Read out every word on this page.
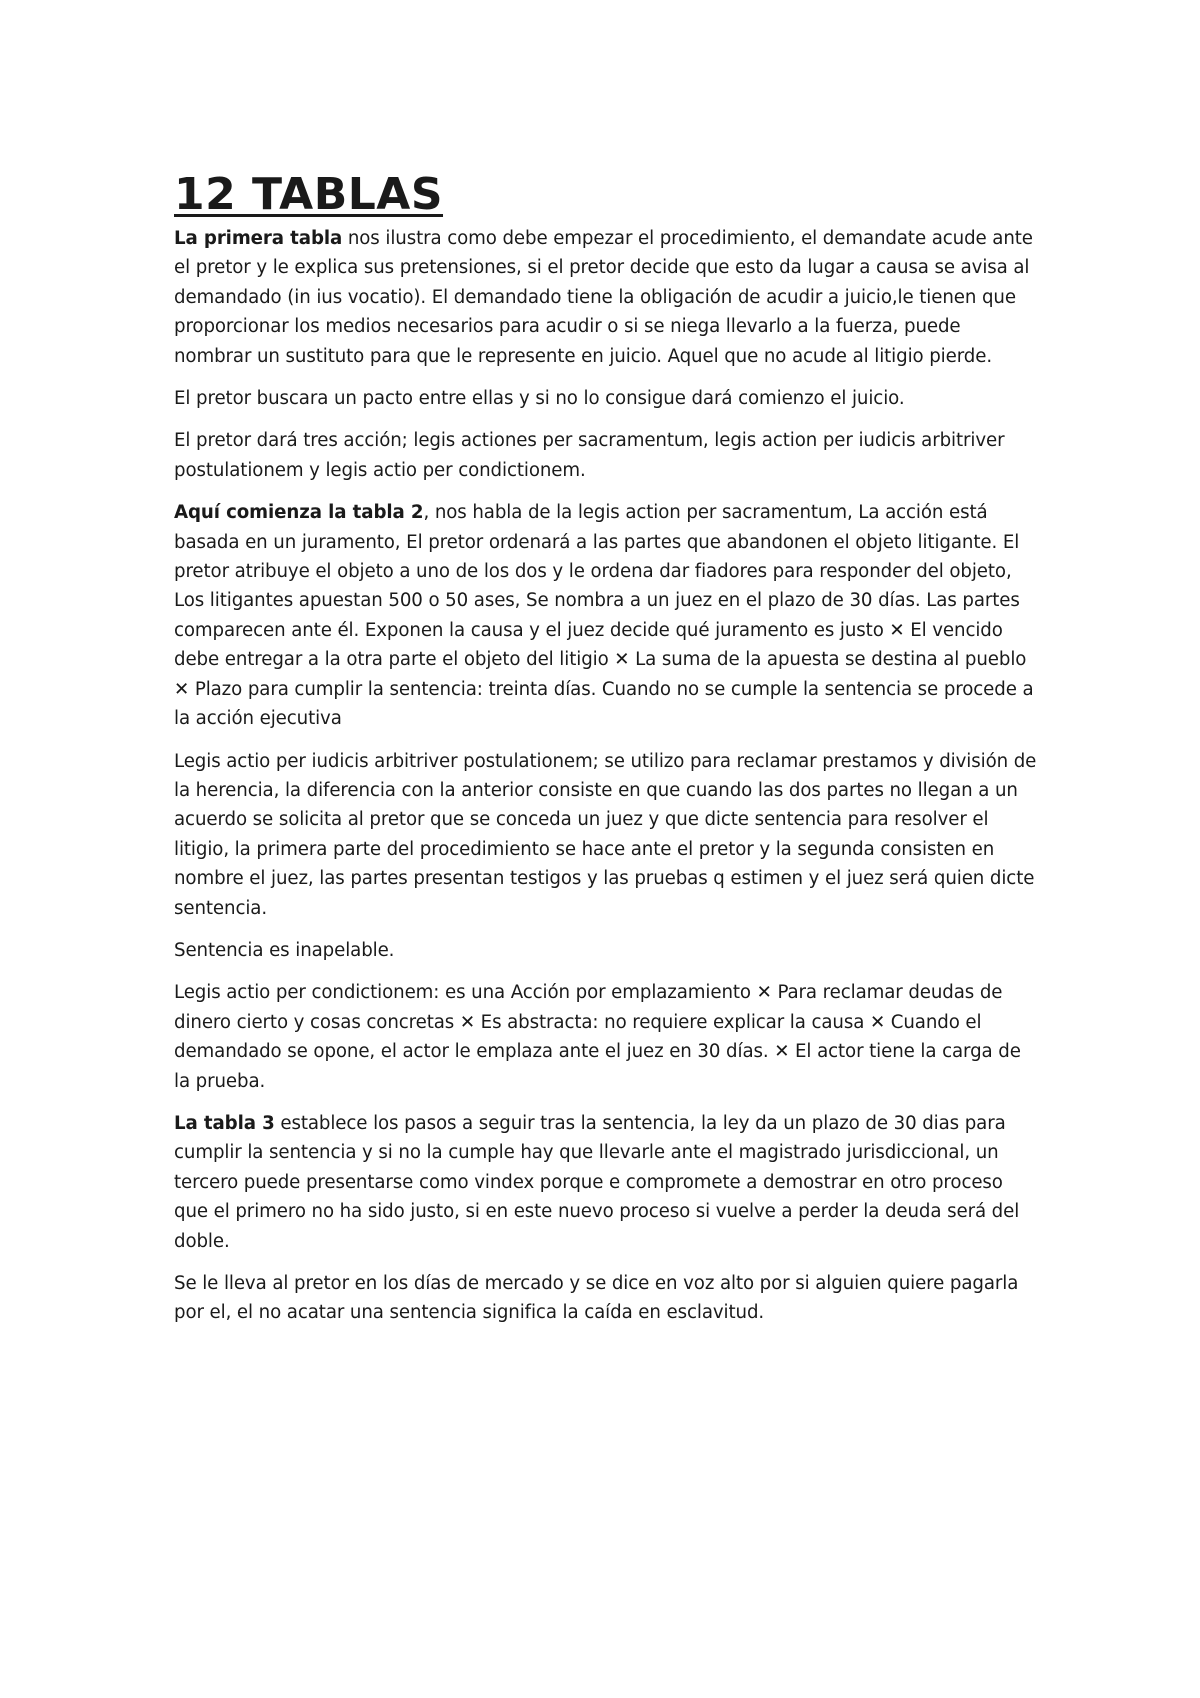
12 TABLAS

La primera tabla nos ilustra como debe empezar el procedimiento, el demandate acude ante el pretor y le explica sus pretensiones, si el pretor decide que esto da lugar a causa se avisa al demandado (in ius vocatio). El demandado tiene la obligación de acudir a juicio,le tienen que proporcionar los medios necesarios para acudir o si se niega llevarlo a la fuerza, puede nombrar un sustituto para que le represente en juicio. Aquel que no acude al litigio pierde.

El pretor buscara un pacto entre ellas y si no lo consigue dará comienzo el juicio.

El pretor dará tres acción; legis actiones per sacramentum, legis action per iudicis arbitriver postulationem y legis actio per condictionem.

Aquí comienza la tabla 2, nos habla de la legis action per sacramentum, La acción está basada en un juramento, El pretor ordenará a las partes que abandonen el objeto litigante. El pretor atribuye el objeto a uno de los dos y le ordena dar fiadores para responder del objeto, Los litigantes apuestan 500 o 50 ases, Se nombra a un juez en el plazo de 30 días. Las partes comparecen ante él. Exponen la causa y el juez decide qué juramento es justo ✕ El vencido debe entregar a la otra parte el objeto del litigio ✕ La suma de la apuesta se destina al pueblo ✕ Plazo para cumplir la sentencia: treinta días. Cuando no se cumple la sentencia se procede a la acción ejecutiva

Legis actio per iudicis arbitriver postulationem; se utilizo para reclamar prestamos y división de la herencia, la diferencia con la anterior consiste en que cuando las dos partes no llegan a un acuerdo se solicita al pretor que se conceda un juez y que dicte sentencia para resolver el litigio, la primera parte del procedimiento se hace ante el pretor y la segunda consisten en nombre el juez, las partes presentan testigos y las pruebas q estimen y el juez será quien dicte sentencia.

Sentencia es inapelable.

Legis actio per condictionem: es una Acción por emplazamiento ✕ Para reclamar deudas de dinero cierto y cosas concretas ✕ Es abstracta: no requiere explicar la causa ✕ Cuando el demandado se opone, el actor le emplaza ante el juez en 30 días. ✕ El actor tiene la carga de la prueba.

La tabla 3 establece los pasos a seguir tras la sentencia, la ley da un plazo de 30 dias para cumplir la sentencia y si no la cumple hay que llevarle ante el magistrado jurisdiccional, un tercero puede presentarse como vindex porque e compromete a demostrar en otro proceso que el primero no ha sido justo, si en este nuevo proceso si vuelve a perder la deuda será del doble.

Se le lleva al pretor en los días de mercado y se dice en voz alto por si alguien quiere pagarla por el, el no acatar una sentencia significa la caída en esclavitud.
